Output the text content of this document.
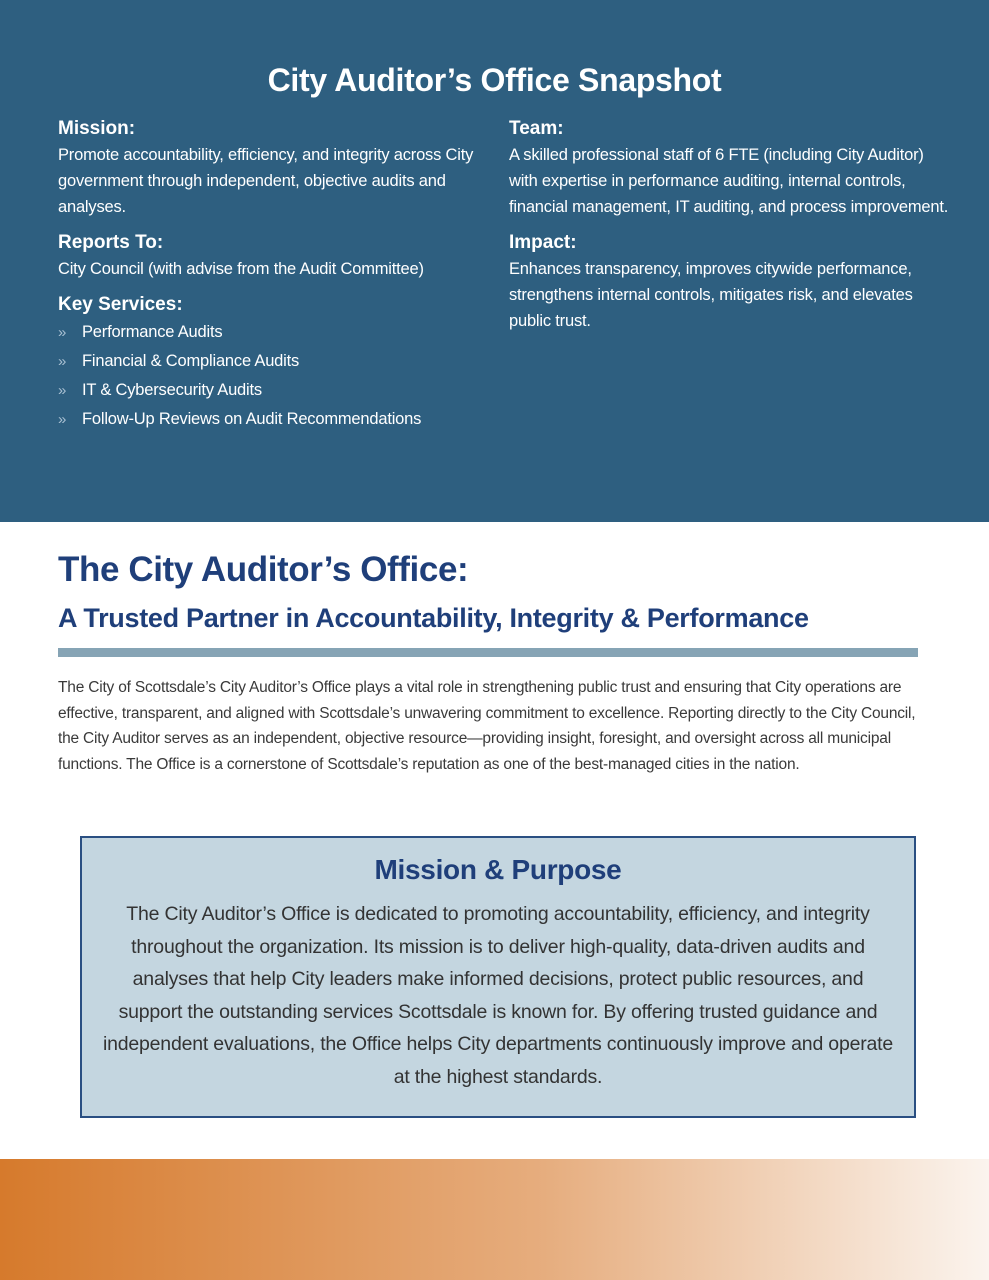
City Auditor’s Office Snapshot

Mission:

Promote accountability, efficiency, and integrity across City government through independent, objective audits and analyses.

Reports To:

City Council (with advise from the Audit Committee)

Key Services:

» Performance Audits
» Financial & Compliance Audits
» IT & Cybersecurity Audits
» Follow-Up Reviews on Audit Recommendations

Team:

A skilled professional staff of 6 FTE (including City Auditor) with expertise in performance auditing, internal controls, financial management, IT auditing, and process improvement.

Impact:

Enhances transparency, improves citywide performance, strengthens internal controls, mitigates risk, and elevates public trust.

The City Auditor’s Office:
A Trusted Partner in Accountability, Integrity & Performance

The City of Scottsdale’s City Auditor’s Office plays a vital role in strengthening public trust and ensuring that City operations are effective, transparent, and aligned with Scottsdale’s unwavering commitment to excellence. Reporting directly to the City Council, the City Auditor serves as an independent, objective resource—providing insight, foresight, and oversight across all municipal functions. The Office is a cornerstone of Scottsdale’s reputation as one of the best-managed cities in the nation.

Mission & Purpose

The City Auditor’s Office is dedicated to promoting accountability, efficiency, and integrity throughout the organization. Its mission is to deliver high-quality, data-driven audits and analyses that help City leaders make informed decisions, protect public resources, and support the outstanding services Scottsdale is known for. By offering trusted guidance and independent evaluations, the Office helps City departments continuously improve and operate at the highest standards.
